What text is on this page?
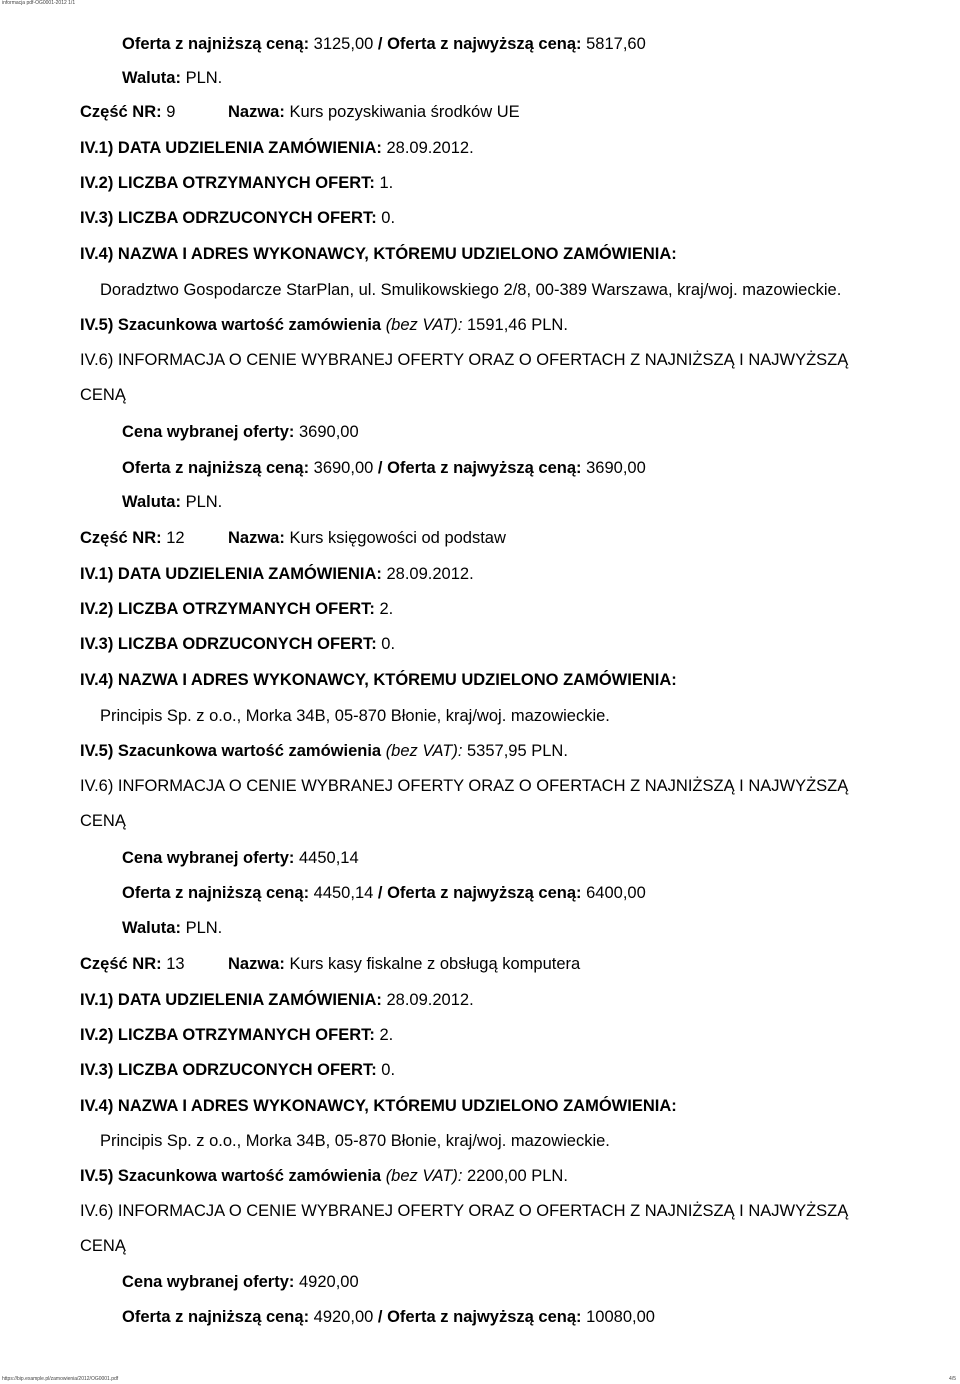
informacja pdf-OG0001-2012 1/1
Oferta z najniższą ceną: 3125,00 / Oferta z najwyższą ceną: 5817,60
Waluta: PLN.
Część NR: 9	Nazwa: Kurs pozyskiwania środków UE
IV.1) DATA UDZIELENIA ZAMÓWIENIA: 28.09.2012.
IV.2) LICZBA OTRZYMANYCH OFERT: 1.
IV.3) LICZBA ODRZUCONYCH OFERT: 0.
IV.4) NAZWA I ADRES WYKONAWCY, KTÓREMU UDZIELONO ZAMÓWIENIA:
Doradztwo Gospodarcze StarPlan, ul. Smulikowskiego 2/8, 00-389 Warszawa, kraj/woj. mazowieckie.
IV.5) Szacunkowa wartość zamówienia (bez VAT): 1591,46 PLN.
IV.6) INFORMACJA O CENIE WYBRANEJ OFERTY ORAZ O OFERTACH Z NAJNIŻSZĄ I NAJWYŻSZĄ
CENĄ
Cena wybranej oferty: 3690,00
Oferta z najniższą ceną: 3690,00 / Oferta z najwyższą ceną: 3690,00
Waluta: PLN.
Część NR: 12	Nazwa: Kurs księgowości od podstaw
IV.1) DATA UDZIELENIA ZAMÓWIENIA: 28.09.2012.
IV.2) LICZBA OTRZYMANYCH OFERT: 2.
IV.3) LICZBA ODRZUCONYCH OFERT: 0.
IV.4) NAZWA I ADRES WYKONAWCY, KTÓREMU UDZIELONO ZAMÓWIENIA:
Principis Sp. z o.o., Morka 34B, 05-870 Błonie, kraj/woj. mazowieckie.
IV.5) Szacunkowa wartość zamówienia (bez VAT): 5357,95 PLN.
IV.6) INFORMACJA O CENIE WYBRANEJ OFERTY ORAZ O OFERTACH Z NAJNIŻSZĄ I NAJWYŻSZĄ
CENĄ
Cena wybranej oferty: 4450,14
Oferta z najniższą ceną: 4450,14 / Oferta z najwyższą ceną: 6400,00
Waluta: PLN.
Część NR: 13	Nazwa: Kurs kasy fiskalne z obsługą komputera
IV.1) DATA UDZIELENIA ZAMÓWIENIA: 28.09.2012.
IV.2) LICZBA OTRZYMANYCH OFERT: 2.
IV.3) LICZBA ODRZUCONYCH OFERT: 0.
IV.4) NAZWA I ADRES WYKONAWCY, KTÓREMU UDZIELONO ZAMÓWIENIA:
Principis Sp. z o.o., Morka 34B, 05-870 Błonie, kraj/woj. mazowieckie.
IV.5) Szacunkowa wartość zamówienia (bez VAT): 2200,00 PLN.
IV.6) INFORMACJA O CENIE WYBRANEJ OFERTY ORAZ O OFERTACH Z NAJNIŻSZĄ I NAJWYŻSZĄ
CENĄ
Cena wybranej oferty: 4920,00
Oferta z najniższą ceną: 4920,00 / Oferta z najwyższą ceną: 10080,00
https://bip.example.pl/zamowienia/2012/OG0001.pdf	4/5
